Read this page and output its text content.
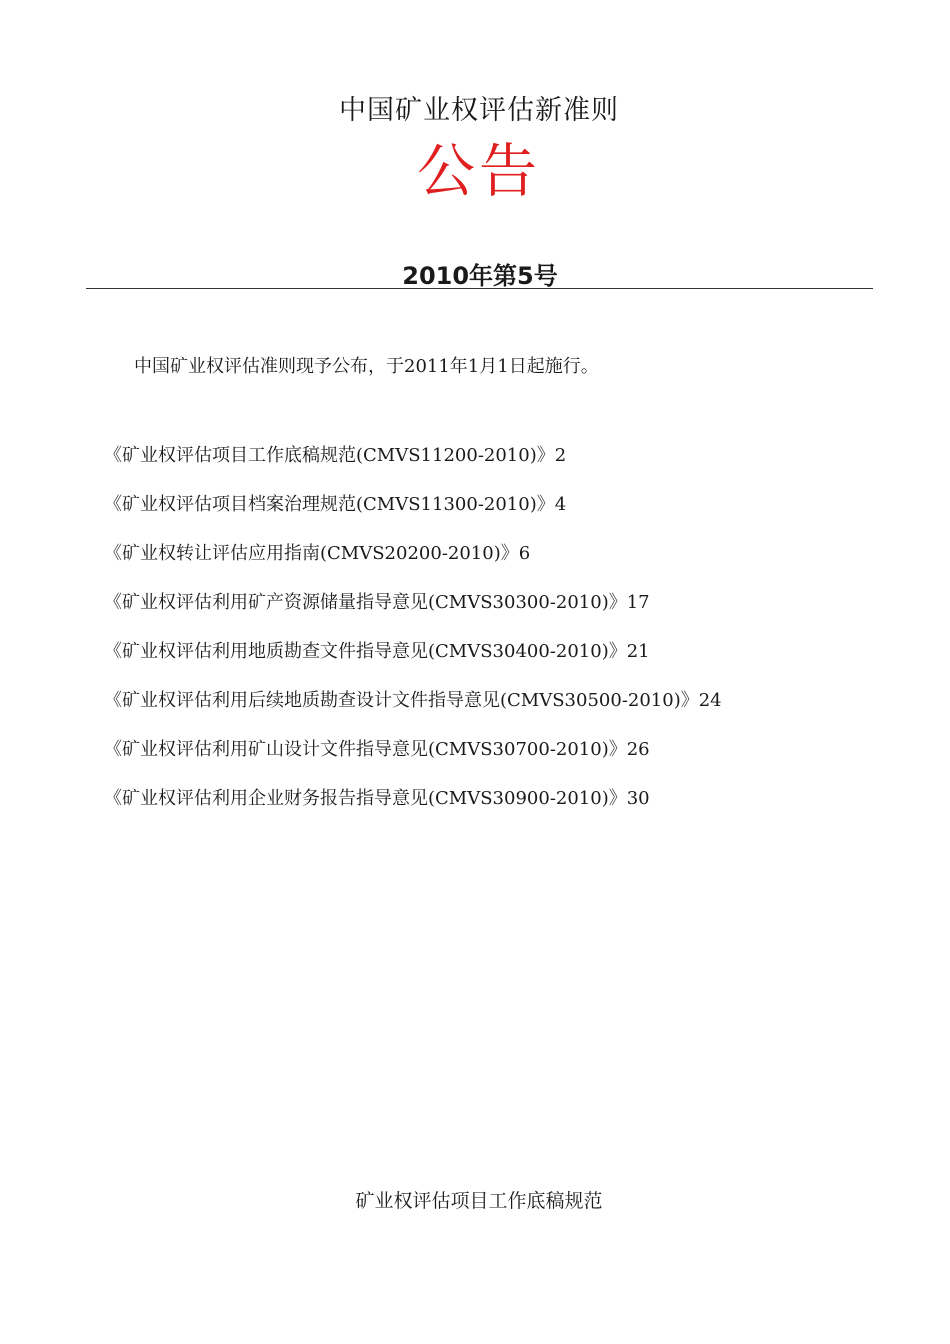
中国矿业权评估新准则
公告
2010年第5号
中国矿业权评估准则现予公布，于2011年1月1日起施行。
《矿业权评估项目工作底稿规范(CMVS11200-2010)》2
《矿业权评估项目档案治理规范(CMVS11300-2010)》4
《矿业权转让评估应用指南(CMVS20200-2010)》6
《矿业权评估利用矿产资源储量指导意见(CMVS30300-2010)》17
《矿业权评估利用地质勘查文件指导意见(CMVS30400-2010)》21
《矿业权评估利用后续地质勘查设计文件指导意见(CMVS30500-2010)》24
《矿业权评估利用矿山设计文件指导意见(CMVS30700-2010)》26
《矿业权评估利用企业财务报告指导意见(CMVS30900-2010)》30
矿业权评估项目工作底稿规范
